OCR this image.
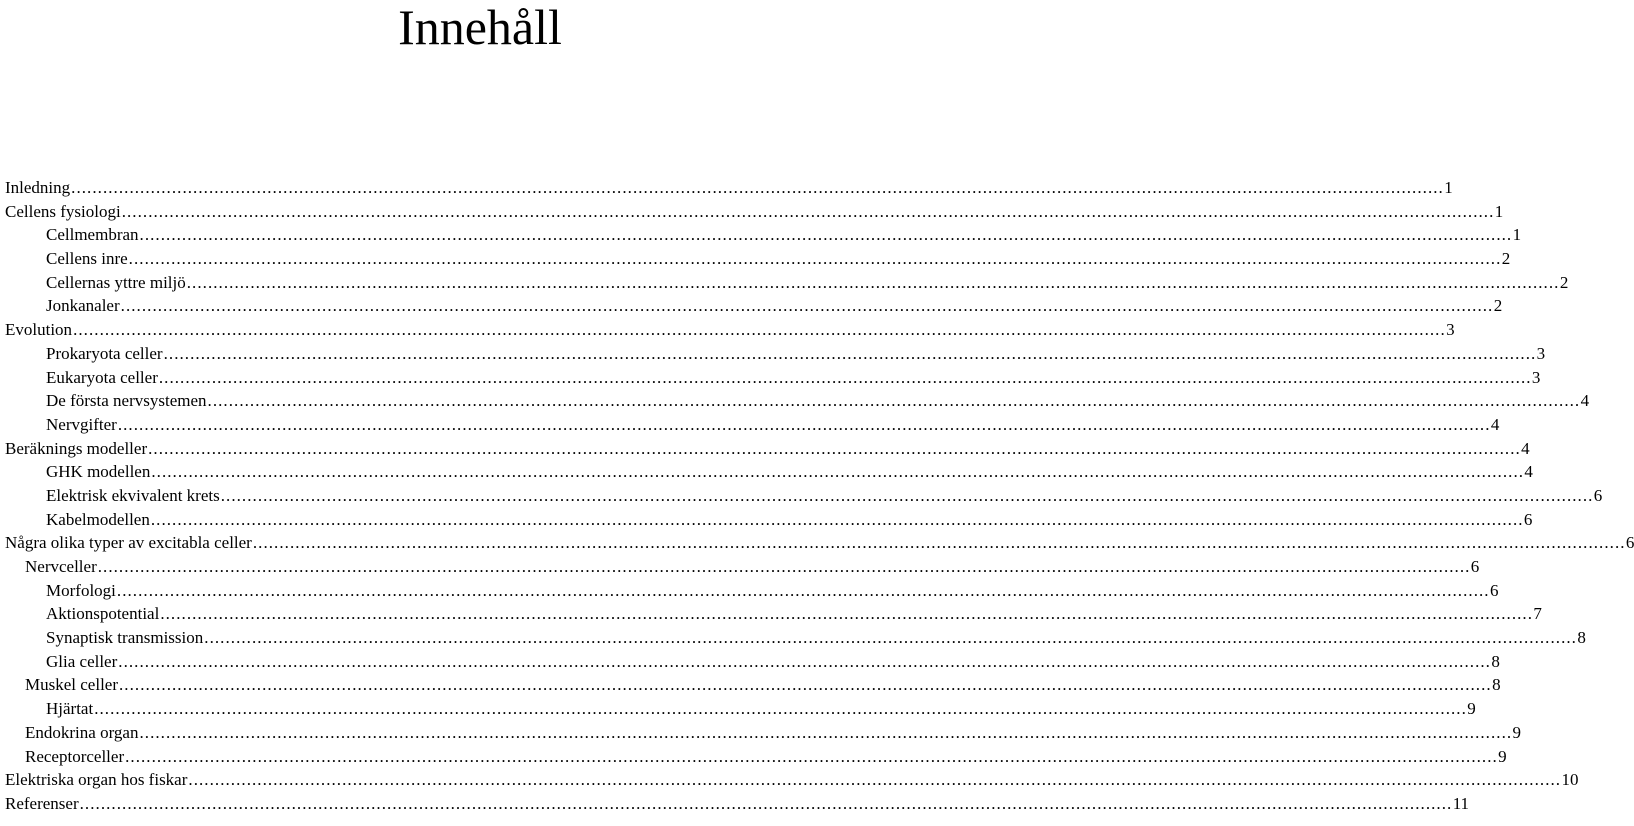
Innehåll
Inledning . . .	1
Cellens fysiologi . . .	1
Cellmembran . . .	1
Cellens inre . . .	2
Cellernas yttre miljö . . .	2
Jonkanaler . . .	2
Evolution . . .	3
Prokaryota celler . . .	3
Eukaryota celler . . .	3
De första nervsystemen . . .	4
Nervgifter . . .	4
Beräknings modeller . . .	4
GHK modellen . . .	4
Elektrisk ekvivalent krets . . .	6
Kabelmodellen . . .	6
Några olika typer av excitabla celler . . .	6
Nervceller . . .	6
Morfologi . . .	6
Aktionspotential . . .	7
Synaptisk transmission . . .	8
Glia celler . . .	8
Muskel celler . . .	8
Hjärtat . . .	9
Endokrina organ . . .	9
Receptorceller . . .	9
Elektriska organ hos fiskar . . .	10
Referenser . . .	11
